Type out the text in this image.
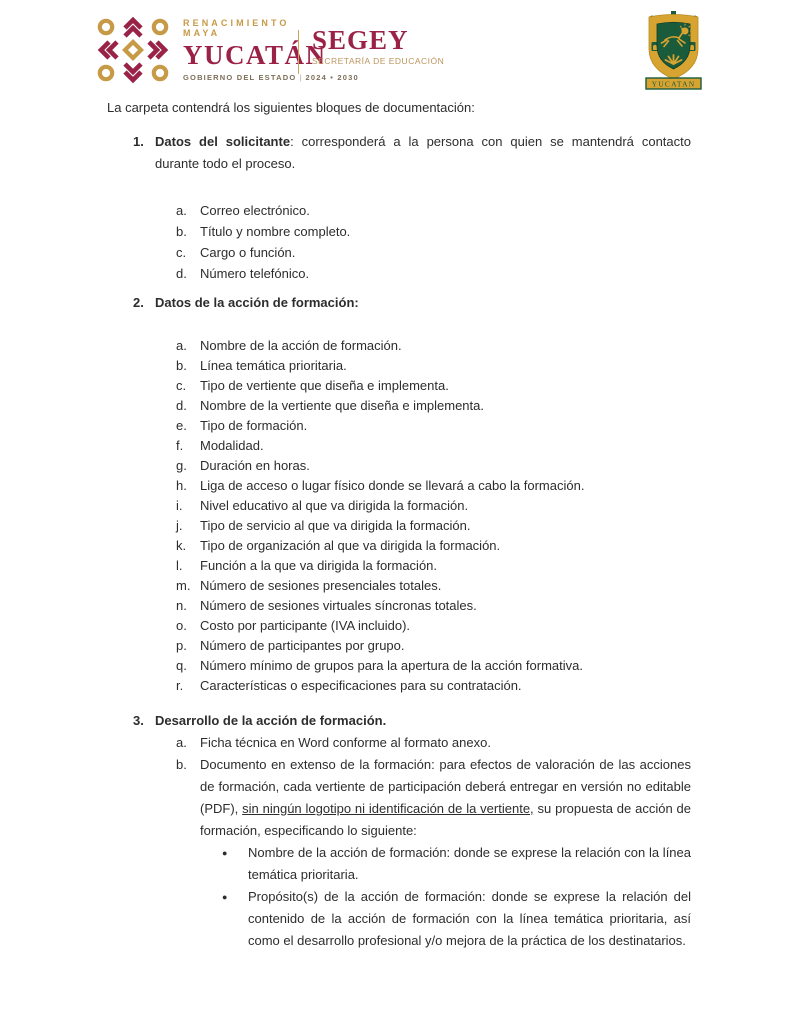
RENACIMIENTO MAYA
YUCATÁN
GOBIERNO DEL ESTADO | 2024 • 2030
SEGEY
SECRETARÍA DE EDUCACIÓN
YUCATAN
La carpeta contendrá los siguientes bloques de documentación:
1. Datos del solicitante: corresponderá a la persona con quien se mantendrá contacto durante todo el proceso.
a.	Correo electrónico.
b.	Título y nombre completo.
c.	Cargo o función.
d.	Número telefónico.
2. Datos de la acción de formación:
a.	Nombre de la acción de formación.
b.	Línea temática prioritaria.
c.	Tipo de vertiente que diseña e implementa.
d.	Nombre de la vertiente que diseña e implementa.
e.	Tipo de formación.
f.	Modalidad.
g.	Duración en horas.
h.	Liga de acceso o lugar físico donde se llevará a cabo la formación.
i.	Nivel educativo al que va dirigida la formación.
j.	Tipo de servicio al que va dirigida la formación.
k.	Tipo de organización al que va dirigida la formación.
l.	Función a la que va dirigida la formación.
m. Número de sesiones presenciales totales.
n.	Número de sesiones virtuales síncronas totales.
o.	Costo por participante (IVA incluido).
p.	Número de participantes por grupo.
q.	Número mínimo de grupos para la apertura de la acción formativa.
r.	Características o especificaciones para su contratación.
3. Desarrollo de la acción de formación.
a.	Ficha técnica en Word conforme al formato anexo.
b.	Documento en extenso de la formación: para efectos de valoración de las acciones de formación, cada vertiente de participación deberá entregar en versión no editable (PDF), sin ningún logotipo ni identificación de la vertiente, su propuesta de acción de formación, especificando lo siguiente:
●	Nombre de la acción de formación: donde se exprese la relación con la línea temática prioritaria.
●	Propósito(s) de la acción de formación: donde se exprese la relación del contenido de la acción de formación con la línea temática prioritaria, así como el desarrollo profesional y/o mejora de la práctica de los destinatarios.
